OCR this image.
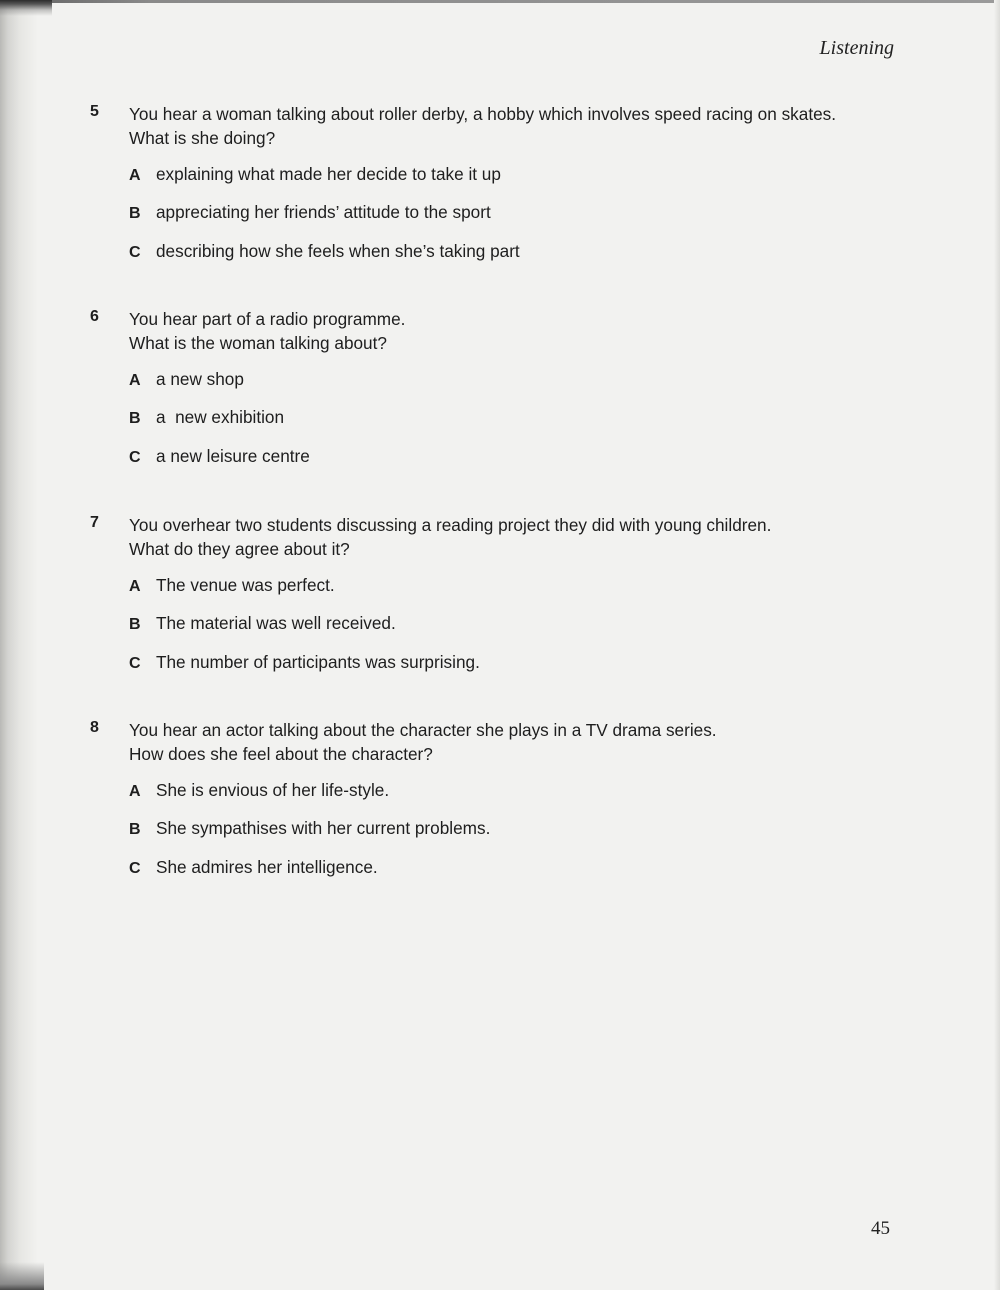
Listening
5 You hear a woman talking about roller derby, a hobby which involves speed racing on skates.
What is she doing?
A explaining what made her decide to take it up
B appreciating her friends’ attitude to the sport
C describing how she feels when she’s taking part
6 You hear part of a radio programme.
What is the woman talking about?
A a new shop
B a  new exhibition
C a new leisure centre
7 You overhear two students discussing a reading project they did with young children.
What do they agree about it?
A The venue was perfect.
B The material was well received.
C The number of participants was surprising.
8 You hear an actor talking about the character she plays in a TV drama series.
How does she feel about the character?
A She is envious of her life-style.
B She sympathises with her current problems.
C She admires her intelligence.
45
